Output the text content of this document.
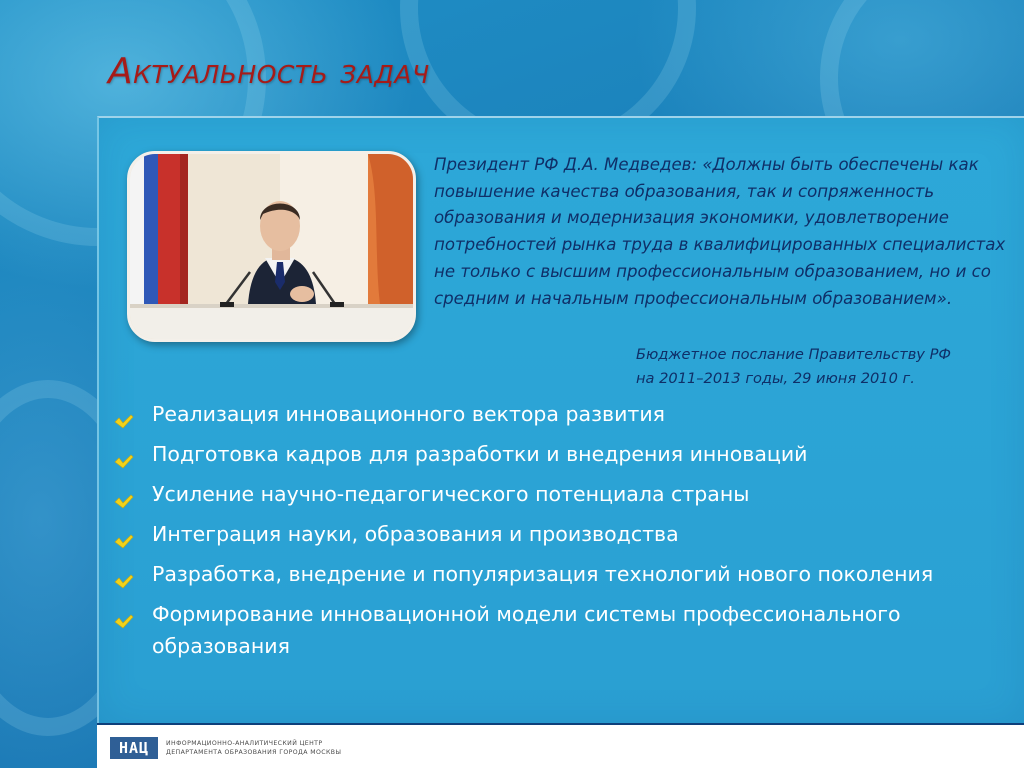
Актуальность задач

Президент РФ Д.А. Медведев: «Должны быть обеспечены как повышение качества образования, так и сопряженность образования и модернизация экономики, удовлетворение потребностей рынка труда в квалифицированных специалистах не только с высшим профессиональным образованием, но и со средним и начальным профессиональным образованием».

Бюджетное послание Правительству РФ
на 2011–2013 годы, 29 июня 2010 г.
Реализация инновационного вектора развития
Подготовка кадров для разработки и внедрения инноваций
Усиление научно-педагогического потенциала страны
Интеграция науки, образования и производства
Разработка, внедрение и популяризация технологий нового поколения
Формирование инновационной модели системы профессионального образования
НАЦ	ИНФОРМАЦИОННО-АНАЛИТИЧЕСКИЙ ЦЕНТР
ДЕПАРТАМЕНТА ОБРАЗОВАНИЯ ГОРОДА МОСКВЫ
